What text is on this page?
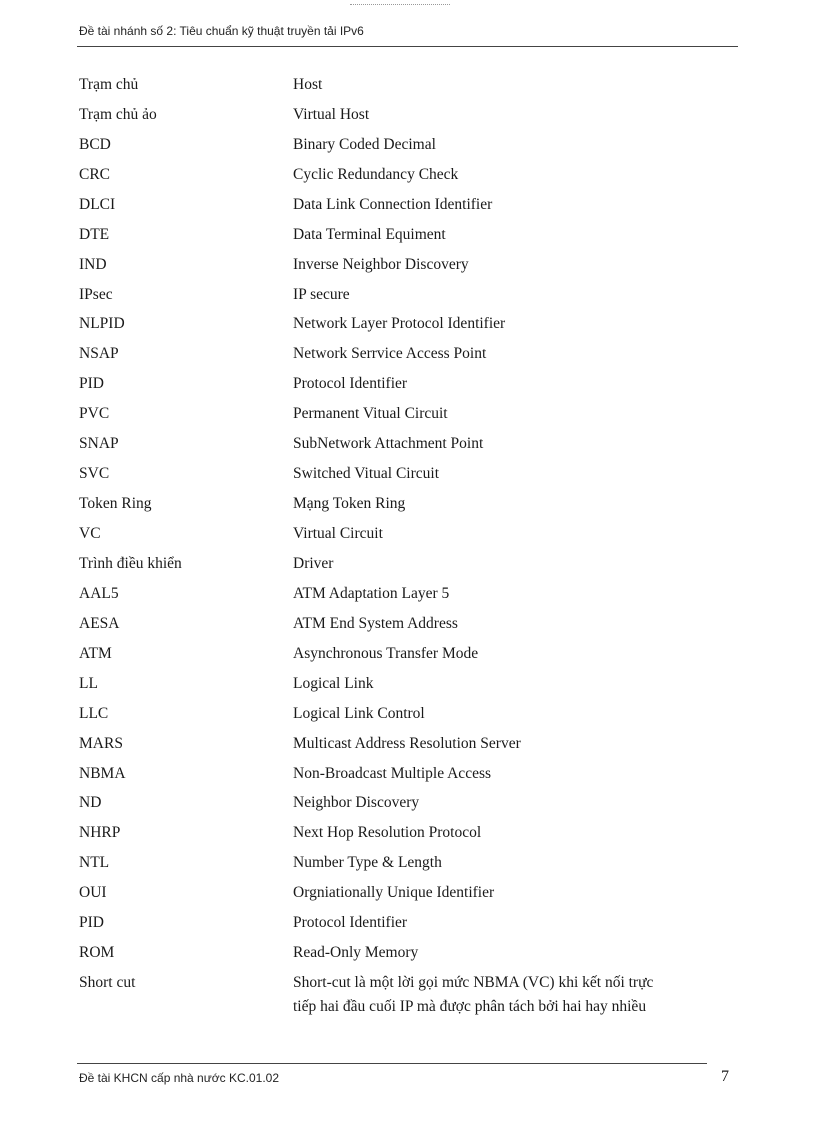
Đề tài nhánh số 2: Tiêu chuẩn kỹ thuật truyền tải IPv6
Trạm chủ	Host
Trạm chủ ảo	Virtual Host
BCD	Binary Coded Decimal
CRC	Cyclic Redundancy Check
DLCI	Data Link Connection Identifier
DTE	Data Terminal Equiment
IND	Inverse Neighbor Discovery
IPsec	IP secure
NLPID	Network Layer Protocol Identifier
NSAP	Network Serrvice Access Point
PID	Protocol Identifier
PVC	Permanent Vitual Circuit
SNAP	SubNetwork Attachment Point
SVC	Switched Vitual Circuit
Token Ring	Mạng Token Ring
VC	Virtual Circuit
Trình điều khiển	Driver
AAL5	ATM Adaptation Layer 5
AESA	ATM End System Address
ATM	Asynchronous Transfer Mode
LL	Logical Link
LLC	Logical Link Control
MARS	Multicast Address Resolution Server
NBMA	Non-Broadcast Multiple Access
ND	Neighbor Discovery
NHRP	Next Hop Resolution Protocol
NTL	Number Type & Length
OUI	Orgniationally Unique Identifier
PID	Protocol Identifier
ROM	Read-Only Memory
Short cut	Short-cut là một lời gọi mức NBMA (VC) khi kết nối trực
tiếp hai đầu cuối IP mà được phân tách bởi hai hay nhiều
Đề tài KHCN cấp nhà nước KC.01.02	7
